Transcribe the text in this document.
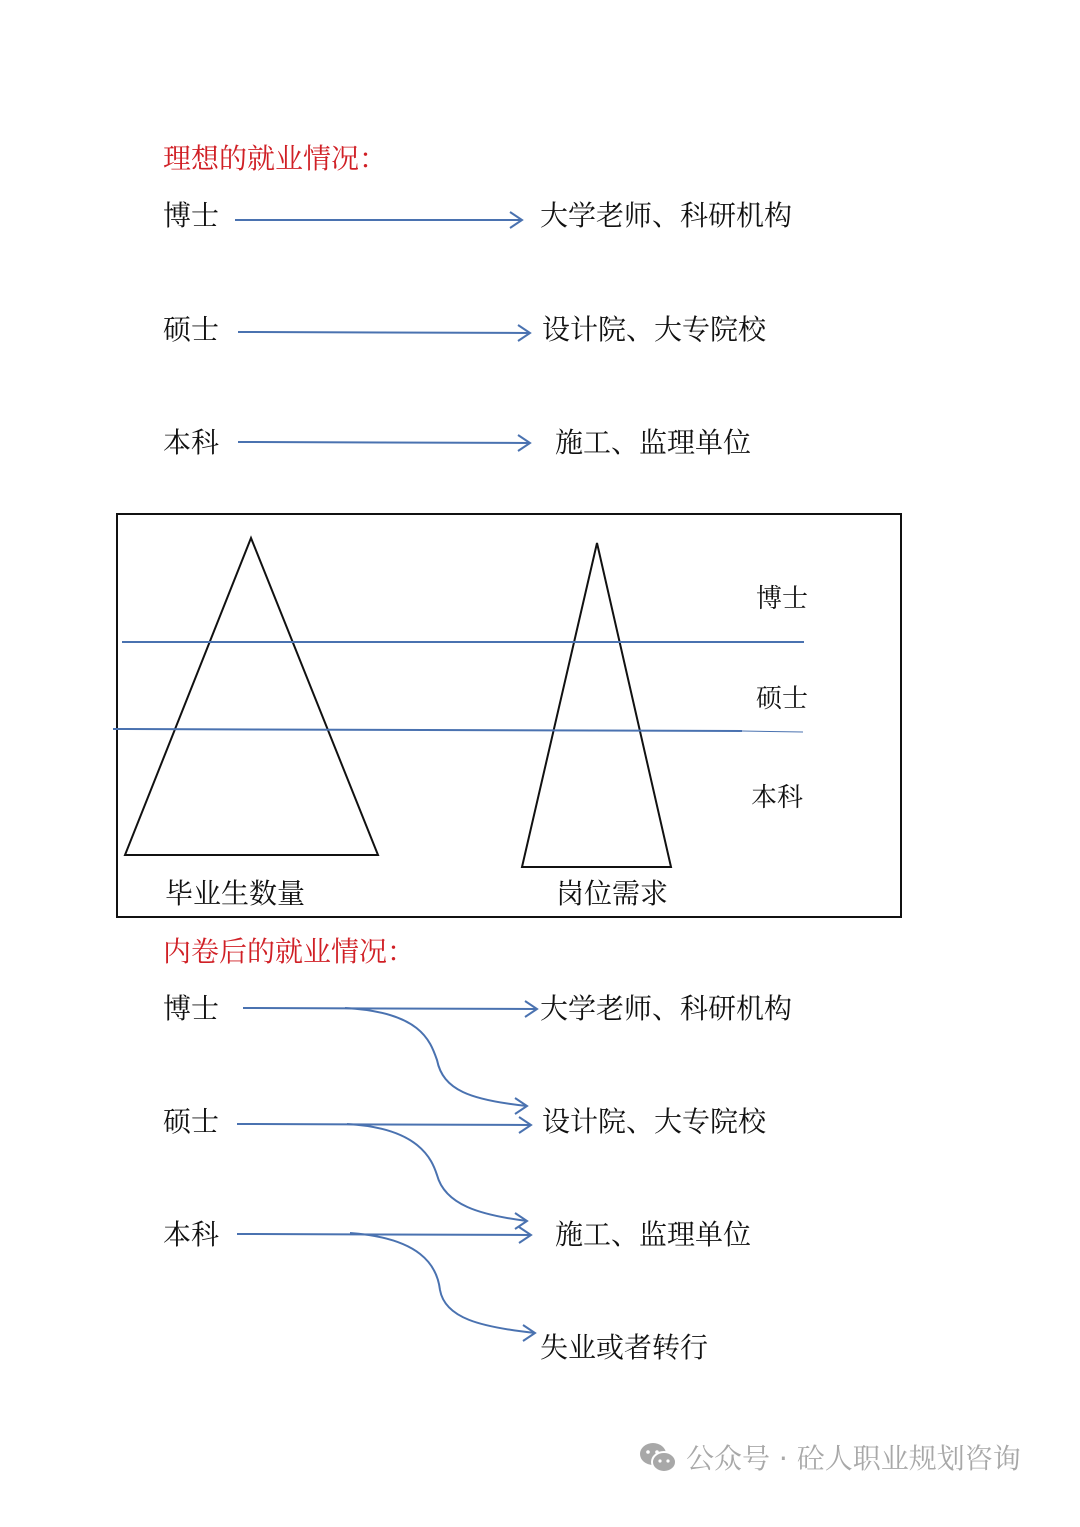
理想的就业情况：
博士	大学老师、科研机构
硕士	设计院、大专院校
本科	施工、监理单位
博士
硕士
本科
毕业生数量	岗位需求
内卷后的就业情况：
博士	大学老师、科研机构
硕士	设计院、大专院校
本科	施工、监理单位
失业或者转行
公众号 · 砼人职业规划咨询
